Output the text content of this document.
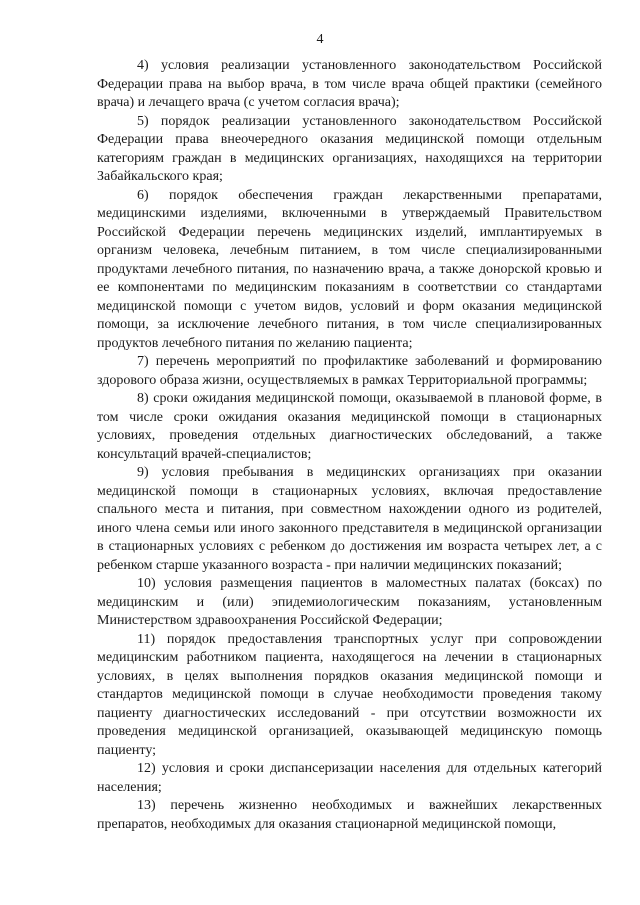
4

4) условия реализации установленного законодательством Российской Федерации права на выбор врача, в том числе врача общей практики (семейного врача) и лечащего врача (с учетом согласия врача);

5) порядок реализации установленного законодательством Российской Федерации права внеочередного оказания медицинской помощи отдельным категориям граждан в медицинских организациях, находящихся на территории Забайкальского края;

6) порядок обеспечения граждан лекарственными препаратами, медицинскими изделиями, включенными в утверждаемый Правительством Российской Федерации перечень медицинских изделий, имплантируемых в организм человека, лечебным питанием, в том числе специализированными продуктами лечебного питания, по назначению врача, а также донорской кровью и ее компонентами по медицинским показаниям в соответствии со стандартами медицинской помощи с учетом видов, условий и форм оказания медицинской помощи, за исключение лечебного питания, в том числе специализированных продуктов лечебного питания по желанию пациента;

7) перечень мероприятий по профилактике заболеваний и формированию здорового образа жизни, осуществляемых в рамках Территориальной программы;

8) сроки ожидания медицинской помощи, оказываемой в плановой форме, в том числе сроки ожидания оказания медицинской помощи в стационарных условиях, проведения отдельных диагностических обследований, а также консультаций врачей-специалистов;

9) условия пребывания в медицинских организациях при оказании медицинской помощи в стационарных условиях, включая предоставление спального места и питания, при совместном нахождении одного из родителей, иного члена семьи или иного законного представителя в медицинской организации в стационарных условиях с ребенком до достижения им возраста четырех лет, а с ребенком старше указанного возраста - при наличии медицинских показаний;

10) условия размещения пациентов в маломестных палатах (боксах) по медицинским и (или) эпидемиологическим показаниям, установленным Министерством здравоохранения Российской Федерации;

11) порядок предоставления транспортных услуг при сопровождении медицинским работником пациента, находящегося на лечении в стационарных условиях, в целях выполнения порядков оказания медицинской помощи и стандартов медицинской помощи в случае необходимости проведения такому пациенту диагностических исследований - при отсутствии возможности их проведения медицинской организацией, оказывающей медицинскую помощь пациенту;

12) условия и сроки диспансеризации населения для отдельных категорий населения;

13) перечень жизненно необходимых и важнейших лекарственных препаратов, необходимых для оказания стационарной медицинской помощи,
